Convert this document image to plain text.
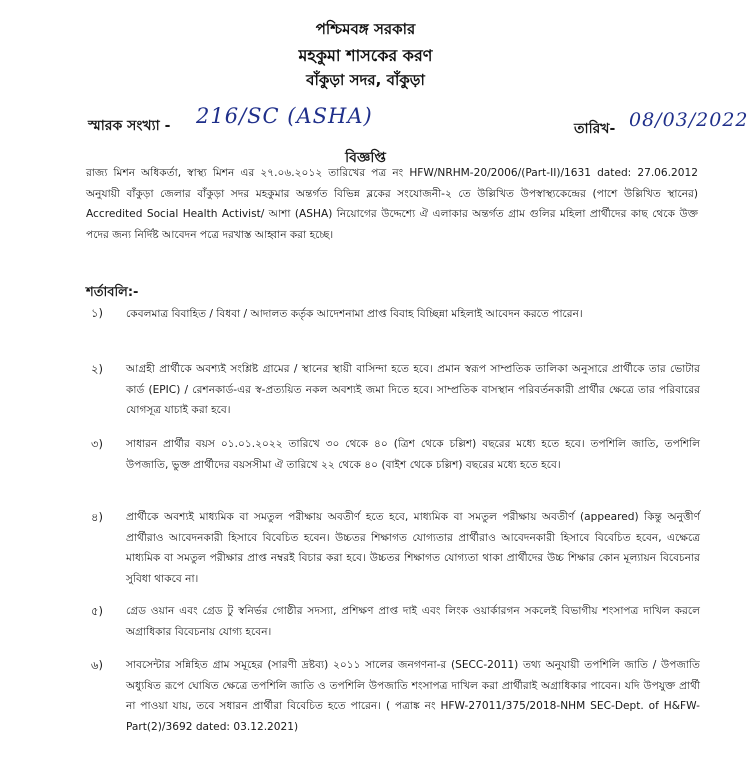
পশ্চিমবঙ্গ সরকার
মহকুমা শাসকের করণ
বাঁকুড়া সদর, বাঁকুড়া
স্মারক সংখ্যা - 216/SC (ASHA)
তারিখ- 08/03/2022
বিজ্ঞপ্তি
রাজ্য মিশন অধিকর্তা, স্বাস্থ্য মিশন এর ২৭.০৬.২০১২ তারিখের পত্র নং HFW/NRHM-20/2006/(Part-II)/1631 dated: 27.06.2012 অনুযায়ী বাঁকুড়া জেলার বাঁকুড়া সদর মহকুমার অন্তর্গত বিভিন্ন ব্লকের সংযোজনী-২ তে উল্লিখিত উপস্বাস্থ্যকেন্দ্রের (পাশে উল্লিখিত স্থানের) Accredited Social Health Activist/ আশা (ASHA) নিয়োগের উদ্দেশ্যে ঐ এলাকার অন্তর্গত গ্রাম গুলির মহিলা প্রার্থীদের কাছ থেকে উক্ত পদের জন্য নির্দিষ্ট আবেদন পত্রে দরখাস্ত আহ্বান করা হচ্ছে।
শর্তাবলি:-
১) কেবলমাত্র বিবাহিত / বিধবা / আদালত কর্তৃক আদেশনামা প্রাপ্ত বিবাহ বিচ্ছিন্না মহিলাই আবেদন করতে পারেন।
২) আগ্রহী প্রার্থীকে অবশ্যই সংশ্লিষ্ট গ্রামের / স্থানের স্থায়ী বাসিন্দা হতে হবে। প্রমান স্বরূপ সাম্প্রতিক তালিকা অনুসারে প্রার্থীকে তার ভোটার কার্ড (EPIC) / রেশনকার্ড-এর স্ব-প্রত্যয়িত নকল অবশ্যই জমা দিতে হবে। সাম্প্রতিক বাসস্থান পরিবর্তনকারী প্রার্থীর ক্ষেত্রে তার পরিবারের যোগসূত্র যাচাই করা হবে।
৩) সাধারন প্রার্থীর বয়স ০১.০১.২০২২ তারিখে ৩০ থেকে ৪০ (ত্রিশ থেকে চল্লিশ) বছরের মধ্যে হতে হবে। তপশিলি জাতি, তপশিলি উপজাতি, ভুক্ত প্রার্থীদের বয়সসীমা ঐ তারিখে ২২ থেকে ৪০ (বাইশ থেকে চল্লিশ) বছরের মধ্যে হতে হবে।
৪) প্রার্থীকে অবশ্যই মাধ্যমিক বা সমতুল পরীক্ষায় অবতীর্ণ হতে হবে, মাধ্যমিক বা সমতুল পরীক্ষায় অবতীর্ণ (appeared) কিন্তু অনুত্তীর্ণ প্রার্থীরাও আবেদনকারী হিসাবে বিবেচিত হবেন। উচ্চতর শিক্ষাগত যোগ্যতার প্রার্থীরাও আবেদনকারী হিসাবে বিবেচিত হবেন, এক্ষেত্রে মাধ্যমিক বা সমতুল পরীক্ষার প্রাপ্ত নম্বরই বিচার করা হবে। উচ্চতর শিক্ষাগত যোগ্যতা থাকা প্রার্থীদের উচ্চ শিক্ষার কোন মূল্যায়ন বিবেচনার সুবিধা থাকবে না।
৫) গ্রেড ওয়ান এবং গ্রেড টু স্বনির্ভর গোষ্ঠীর সদস্যা, প্রশিক্ষণ প্রাপ্ত দাই এবং লিংক ওয়ার্কারগন সকলেই বিভাগীয় শংসাপত্র দাখিল করলে অগ্রাধিকার বিবেচনায় যোগ্য হবেন।
৬) সাবসেন্টার সন্নিহিত গ্রাম সমূহের (সারণী দ্রষ্টব্য) ২০১১ সালের জনগণনা-র (SECC-2011) তথ্য অনুযায়ী তপশিলি জাতি / উপজাতি অধ্যুষিত রূপে ঘোষিত ক্ষেত্রে তপশিলি জাতি ও তপশিলি উপজাতি শংসাপত্র দাখিল করা প্রার্থীরাই অগ্রাধিকার পাবেন। যদি উপযুক্ত প্রার্থী না পাওয়া যায়, তবে সধারন প্রার্থীরা বিবেচিত হতে পারেন। ( পত্রাঙ্ক নং HFW-27011/375/2018-NHM SEC-Dept. of H&FW-Part(2)/3692 dated: 03.12.2021)
